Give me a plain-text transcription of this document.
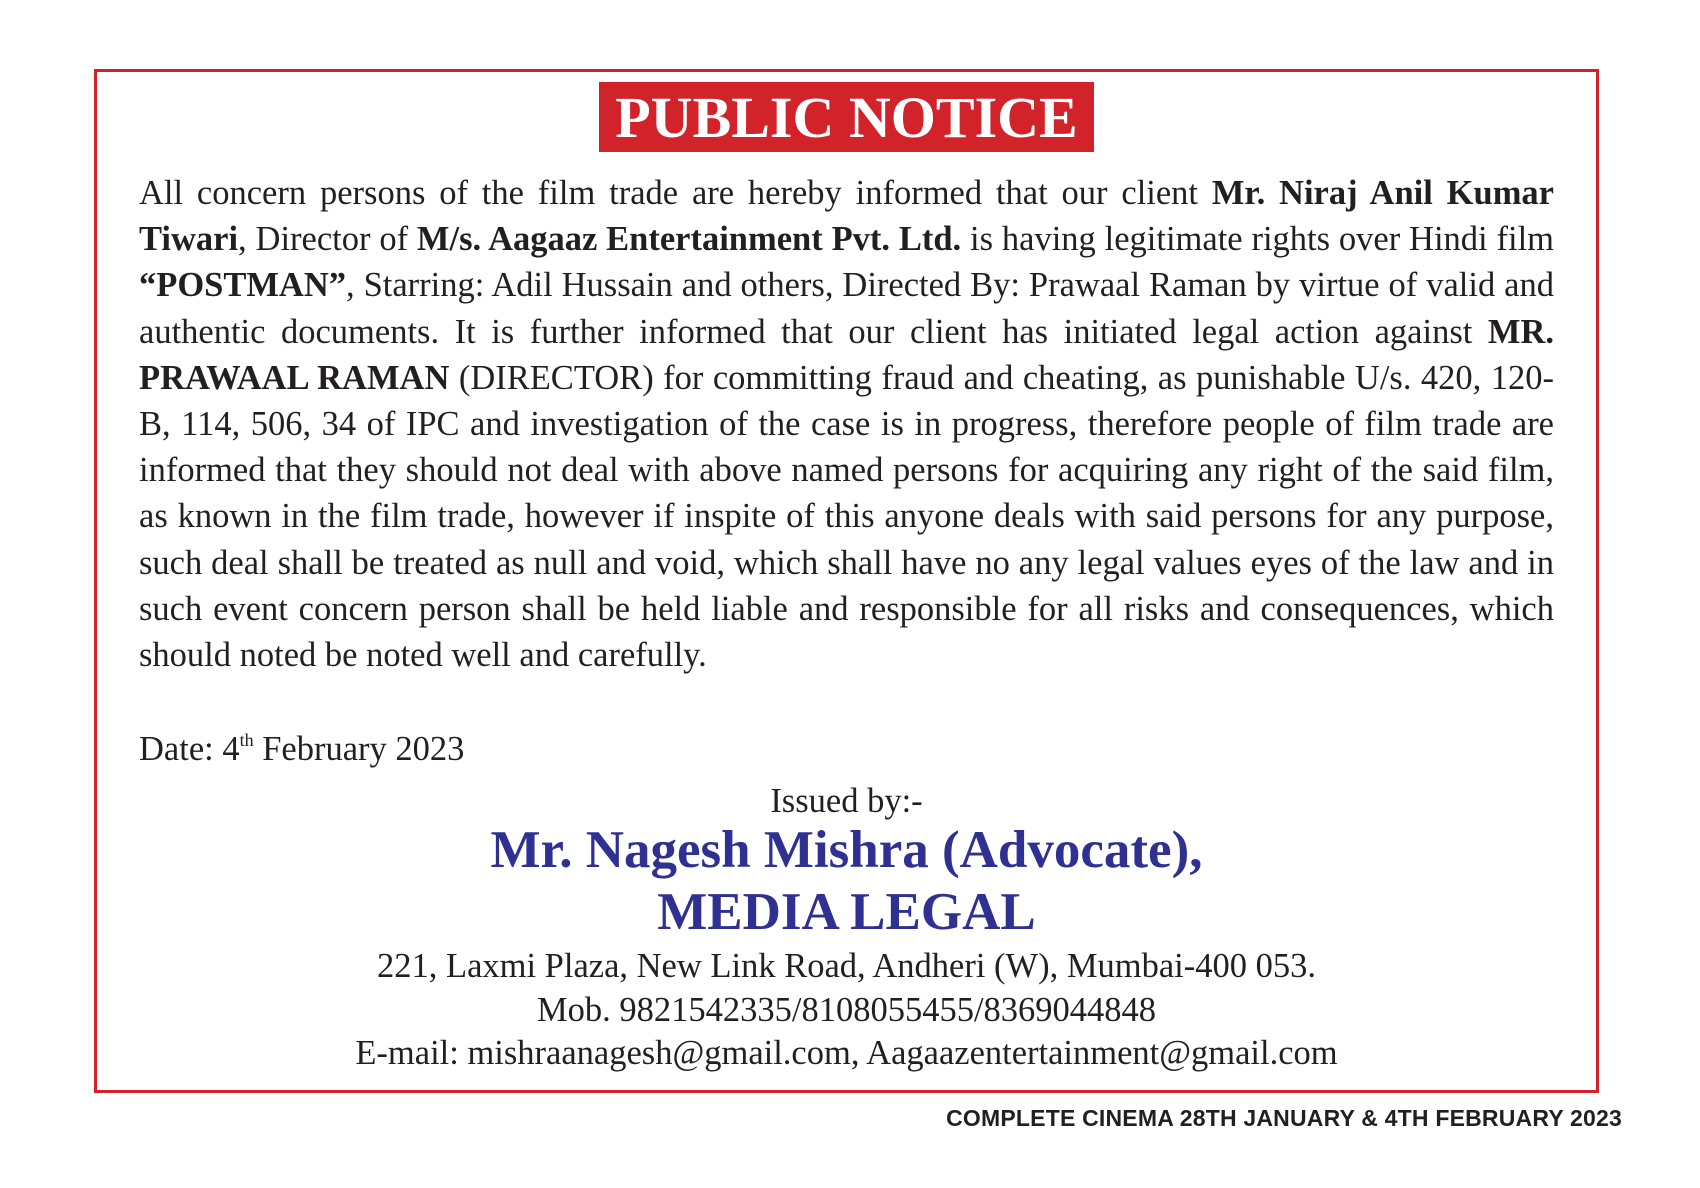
PUBLIC NOTICE
All concern persons of the film trade are hereby informed that our client Mr. Niraj Anil Kumar Tiwari, Director of M/s. Aagaaz Entertainment Pvt. Ltd. is having legitimate rights over Hindi film “POSTMAN”, Starring: Adil Hussain and others, Directed By: Prawaal Raman by virtue of valid and authentic documents. It is further informed that our client has initiated legal action against MR. PRAWAAL RAMAN (DIRECTOR) for committing fraud and cheating, as punishable U/s. 420, 120-B, 114, 506, 34 of IPC and investigation of the case is in progress, therefore people of film trade are informed that they should not deal with above named persons for acquiring any right of the said film, as known in the film trade, however if inspite of this anyone deals with said persons for any purpose, such deal shall be treated as null and void, which shall have no any legal values eyes of the law and in such event concern person shall be held liable and responsible for all risks and consequences, which should noted be noted well and carefully.
Date: 4th February 2023
Issued by:-
Mr. Nagesh Mishra (Advocate),
MEDIA LEGAL
221, Laxmi Plaza, New Link Road, Andheri (W), Mumbai-400 053.
Mob. 9821542335/8108055455/8369044848
E-mail: mishraanagesh@gmail.com, Aagaazentertainment@gmail.com
COMPLETE CINEMA 28TH JANUARY & 4TH FEBRUARY 2023
